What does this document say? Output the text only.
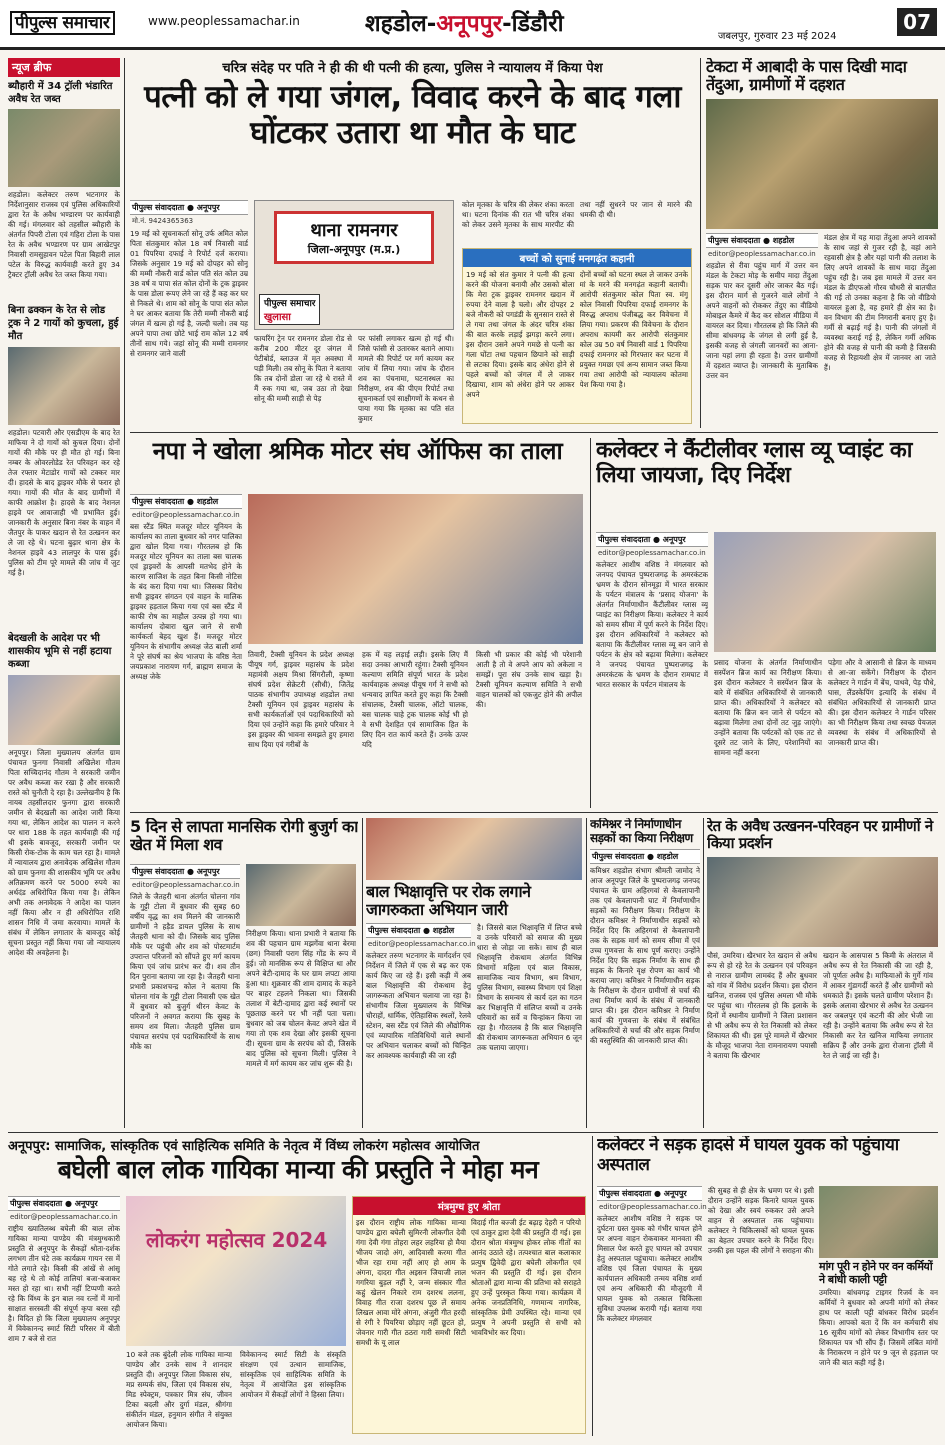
पीपुल्स समाचार	www.peoplessamachar.in	शहडोल-अनूपपुर-डिंडौरी	जबलपुर, गुरुवार 23 मई 2024
07
न्यूज ब्रीफ
ब्यौहारी में 34 ट्रॉली भंडारित अवैध रेत जब्त
शहडोल। कलेक्टर तरुण भटनागर के निर्देशानुसार राजस्व एवं पुलिस अधिकारियों द्वारा रेत के अवैध भण्डारण पर कार्यवाही की गई। मंगलवार को तहसील ब्यौहारी के अंतर्गत पिपरी टोला एवं गहिरा टोला के पास रेत के अवैध भण्डारण पर ग्राम आखेटपुर निवासी रामसुहावन पटेल पिता बिहारी लाल पटेल के विरुद्ध कार्यवाही करते हुए 34 ट्रैक्टर ट्रॉली अवैध रेत जब्त किया गया।
बिना ढक्कन के रेत से लोड ट्रक ने 2 गायों को कुचला, हुई मौत
शहडोल। पटवारी और एसडीएम के बाद रेत माफिया ने दो गायों को कुचल दिया। दोनों गायों की मौके पर ही मौत हो गई। बिना नम्बर के ओवरलोडेड रेत परिवहन कर रहे तेज रफ्तार मेटाडोर गायों को टक्कर मार दी। हादसे के बाद ड्राइवर मौके से फरार हो गया। गायों की मौत के बाद ग्रामीणों में काफी आक्रोश है। हादसे के बाद नेशनल हाइवे पर आवाजाही भी प्रभावित हुई। जानकारी के अनुसार बिना नंबर के वाहन में जैतपुर के पाकर खदान से रेत उत्खनन कर ले जा रहे थे। घटना बुढ़ार थाना क्षेत्र के नेशनल हाइवे 43 लालपुर के पास हुई। पुलिस को टीम पूरे मामले की जांच में जुट गई है।
बेदखली के आदेश पर भी शासकीय भूमि से नहीं हटाया कब्जा
अनूपपुर। जिला मुख्यालय अंतर्गत ग्राम पंचायत फुनगा निवासी अखिलेश गौतम पिता सच्चिदानंद गौतम ने सरकारी जमीन पर अवैध कब्जा कर रखा है और सरकारी रास्ते को चुनौती दे रहा है। उल्लेखनीय है कि नायब तहसीलदार फुनगा द्वारा सरकारी जमीन से बेदखली का आदेश जारी किया गया था, लेकिन आदेश का पालन न करने पर धारा 188 के तहत कार्यवाही की गई थी इसके बावजूद, सरकारी जमीन पर किसी रोक-टोक के काम चल रहा है। मामले में न्यायालय द्वारा अनावेदक अखिलेश गौतम को ग्राम फुनगा की शासकीय भूमि पर अवैध अतिक्रमण करने पर 5000 रुपये का अर्थदंड अधिरोपित किया गया है। लेकिन अभी तक अनावेदक ने आदेश का पालन नहीं किया और न ही अधिरोपित राशि शासन निधि में जमा करवाया। मामलें के संबंध में लेकिन लगातार के बावजूद कोई सूचना प्रस्तुत नहीं किया गया जो न्यायालय आदेश की अवहेलना है।
चरित्र संदेह पर पति ने ही की थी पत्नी की हत्या, पुलिस ने न्यायालय में किया पेश
पत्नी को ले गया जंगल, विवाद करने के बाद गला घोंटकर उतारा था मौत के घाट
पीपुल्स संवाददाता ● अनूपपुर
मो.नं. 9424365363
19 मई को सूचनाकर्ता सोनू उर्फ अमित कोल पिता संतकुमार कोल 18 वर्ष निवासी वार्ड 01 पिपरिया दफाई ने रिपोर्ट दर्ज कराया। जिसके अनुसार 19 मई को दोपहर को सोनू की मम्मी नौकरी वार्ड कोल पति संत कोल उम्र 38 वर्ष व पापा संत कोल दोनों के ट्रक ड्राइवर के पास डोला रूपए लेने जा रहे हैं कह कर घर से निकले थे। शाम को सोनू के पापा संत कोल ने घर आकर बताया कि तेरी मम्मी नौकरी बाई जंगल में खत्म हो गई है, जल्दी चलो। तब यह अपने पापा तथा छोटे भाई राम कोल 12 वर्ष तीनों साथ गये। जहां सोनू की मम्मी रामनगर से रामनगर जाने वाली
थाना रामनगर
जिला-अनूपपुर (म.प्र.)
पीपुल्स समाचार
खुलासा
फायरिंग ट्रेन पर रामनगर डोला रोड से करीब 200 मीटर दूर जंगल में पेटीबोर्ड, ब्लाउज में मृत अवस्था में पड़ी मिली। तब सोनू के पिता ने बताया कि तब दोनों डोला जा रहे थे रास्ते में मैं रुक गया था, जब उठा तो देखा सोनू की मम्मी साड़ी से पेड़
पर फांसी लगाकर खत्म हो गई थी। जिसे फांसी से उतारकर बताने आया। मामले की रिपोर्ट पर मर्ग कायम कर जांच में लिया गया। जांच के दौरान शव का पंचनामा, घटनास्थल का निरीक्षण, शव की पीएम रिपोर्ट तथा सूचनाकर्ता एवं साक्षीगणों के कथन से पाया गया कि मृतका का पति संत कुमार
कोल मृतका के चरित्र की लेकर शंका करता था। घटना दिनांक की रात भी चरित्र शंका को लेकर उसने मृतका के साथ मारपीट की तथा नहीं सुधरने पर जान से मारने की धमकी दी थी।
बच्चों को सुनाई मनगढ़ंत कहानी
19 मई को संत कुमार ने पत्नी की हत्या करने की योजना बनायी और उसको बोला कि मेरा ट्रक ड्राइवर रामनगर खदान में रुपया देने वाला है चलो। और दोपहर 2 बजे नौकरी को पगडंडी के सुनसान रास्ते से ले गया तथा जंगल के अंदर चरित्र शंका की बात करके लड़ाई झगड़ा करने लगा। इस दौरान उसने अपने गमछे से पत्नी का गला घोंटा तथा पहचान छिपाने को साड़ी से लटका दिया। इसके बाद अंधेरा होने से पहले बच्चों को जंगल में ले जाकर दिखाया, शाम को अंधेरा होने पर आकर अपने
दोनों बच्चों को घटना स्थल ले जाकर उनके मां के मरने की मनगढ़ंत कहानी बतायी। आरोपी संतकुमार कोल पिता स्व. मंगू कोल निवासी पिपरिया दफाई रामनगर के विरुद्ध अपराध पंजीबद्ध कर विवेचना में लिया गया। प्रकरण की विवेचना के दौरान अपराध कायमी कर आरोपी संतकुमार कोल उम्र 50 वर्ष निवासी वार्ड 1 पिपरिया दफाई रामनगर को गिरफ्तार कर घटना में प्रयुक्त गमछा एवं अन्य सामान जब्त किया गया तथा आरोपी को न्यायालय कोतमा पेश किया गया है।
टेकटा में आबादी के पास दिखी मादा तेंदुआ, ग्रामीणों में दहशत
पीपुल्स संवाददाता ● शहडोल
editor@peoplessamachar.co.in
शहडोल से रीवा पहुंच मार्ग में उत्तर वन मंडल के टेकटा मोड़ के समीप मादा तेंदुआ सड़क पार कर दूसरी ओर जाकर बैठ गई। इस दौरान मार्ग से गुजरने वाले लोगों ने अपने वाहनों को रोककर तेंदुए का वीडियो मोबाइल कैमरे में कैद कर सोशल मीडिया में वायरल कर दिया। गौरतलब हो कि जिले की सीमा बांधवगढ़ के जंगल से लगी हुई है, इसकी वजह से जंगली जानवरों का आना-जाना यहां लगा ही रहता है। उत्तर ग्रामीणों में दहशत व्याप्त है। जानकारी के मुताबिक उत्तर वन
मंडल क्षेत्र में यह मादा तेंदुआ अपने शावकों के साथ जहां से गुजर रही है, वहां आने रहवासी क्षेत्र है और यहां पानी की तलाश के लिए अपने शावकों के साथ मादा तेंदुआ पहुंच रही है। जब इस मामले में उत्तर वन मंडल के डीएफओ गौरव चौधरी से बातचीत की गई तो उनका कहना है कि जो वीडियो वायरल हुआ है, वह हमारे ही क्षेत्र का है। वन विभाग की टीम निगरानी बनाए हुए है। गर्मी से बढ़ाई गई है। पानी की जंगलों में व्यवस्था कराई गई है, लेकिन गर्मी अधिक होने की वजह से पानी की कमी है जिसकी वजह से रिहायशी क्षेत्र में जानवर आ जाते हैं।
नपा ने खोला श्रमिक मोटर संघ ऑफिस का ताला
पीपुल्स संवाददाता ● शहडोल
editor@peoplessamachar.co.in
बस स्टैंड स्थित मजदूर मोटर यूनियन के कार्यालय का ताला बुधवार को नगर पालिका द्वारा खोल दिया गया। गौरतलब हो कि मजदूर मोटर यूनियन का ताला बस चालक एवं ड्राइवरों के आपसी मतभेद होने के कारण साजिश के तहत बिना किसी नोटिस के बंद करा दिया गया था। जिसका विरोध सभी ड्राइवर संगठन एवं वाहन के मालिक ड्राइवर हड़ताल किया गया एवं बस स्टैंड में काफी रोष का माहौल उत्पन्न हो गया था। कार्यालय दोबारा खुल जाने से सभी कार्यकर्ता बेहद खुश हैं। मजदूर मोटर यूनियन के संभागीय अध्यक्ष जेठ बाली शर्मा ने पूरे संघर्ष का श्रेय भाजपा के वरिष्ठ नेता जयप्रकाश नारायण गर्ग, ब्राह्मण समाज के अध्यक्ष जेके
तिवारी, टैक्सी यूनियन के प्रदेश अध्यक्ष पीयूष गर्ग, ड्राइवर महासंघ के प्रदेश महामंत्री अक्षय मिश्रा सिंगरौली, कृष्णा संघर्ष प्रदेश सेक्रेटरी (सीधी), जितेंद्र पाठक संभागीय उपाध्यक्ष शहडोल तथा टैक्सी यूनियन एवं ड्राइवर महासंघ के सभी कार्यकर्ताओं एवं पदाधिकारियों को दिया एवं उन्होंने कहा कि हमारे परिवार ने इस ड्राइवर की भावना समझते हुए हमारा साथ दिया एवं गरीबों के
हक में यह लड़ाई लड़ी। इसके लिए मैं सदा उनका आभारी रहूंगा। टैक्सी यूनियन कल्याण समिति संपूर्ण भारत के प्रदेश कार्यवाहक अध्यक्ष पीयूष गर्ग ने सभी को धन्यवाद ज्ञापित करते हुए कहा कि टैक्सी संचालक, टैक्सी चालक, ऑटो चालक, बस चालक चाहे ट्रक चालक कोई भी हो वे सभी देशहित एवं सामाजिक हित के लिए दिन रात कार्य करते हैं। उनके ऊपर यदि
किसी भी प्रकार की कोई भी परेशानी आती है तो वे अपने आप को अकेला न समझें। पूरा संघ उनके साथ खड़ा है। टैक्सी यूनियन कल्याण समिति ने सभी वाहन चालकों को एकजुट होने की अपील की।
कलेक्टर ने कैंटीलीवर ग्लास व्यू प्वाइंट का लिया जायजा, दिए निर्देश
पीपुल्स संवाददाता ● अनूपपुर
editor@peoplessamachar.co.in
कलेक्टर आशीष वशिष्ठ ने मंगलवार को जनपद पंचायत पुष्पराजगढ़ के अमरकंटक भ्रमण के दौरान सोनमूड़ा में भारत सरकार के पर्यटन मंत्रालय के 'प्रसाद योजना' के अंतर्गत निर्माणाधीन कैंटीलीवर ग्लास व्यू प्वाइंट का निरीक्षण किया। कलेक्टर ने कार्य को समय सीमा में पूर्ण करने के निर्देश दिए। इस दौरान अधिकारियों ने कलेक्टर को बताया कि कैंटीलीवर ग्लास व्यू बन जाने से पर्यटन के क्षेत्र को बढ़ावा मिलेगा। कलेक्टर ने जनपद पंचायत पुष्पराजगढ़ के अमरकंटक के भ्रमण के दौरान रामघाट में भारत सरकार के पर्यटन मंत्रालय के
प्रसाद योजना के अंतर्गत निर्माणाधीन सस्पेंशन ब्रिज कार्य का निरीक्षण किया। इस दौरान कलेक्टर ने सस्पेंशन ब्रिज के बारे में संबंधित अधिकारियों से जानकारी प्राप्त की। अधिकारियों ने कलेक्टर को बताया कि ब्रिज बन जाने से पर्यटन को बढ़ावा मिलेगा तथा दोनों तट जुड़ जाएंगे। उन्होंने बताया कि पर्यटकों को एक तट से दूसरे तट जाने के लिए, परेशानियों का सामना नहीं करना
पड़ेगा और वे आसानी से ब्रिज के माध्यम से आ-जा सकेंगे। निरीक्षण के दौरान कलेक्टर ने गार्डन में बेंच, पाथवे, पेड़ पौधे, घास, लैंडस्केपिंग इत्यादि के संबंध में संबंधित अधिकारियों से जानकारी प्राप्त की। इस दौरान कलेक्टर ने गार्डन परिसर का भी निरीक्षण किया तथा स्वच्छ पेयजल व्यवस्था के संबंध में अधिकारियों से जानकारी प्राप्त की।
5 दिन से लापता मानसिक रोगी बुजुर्ग का खेत में मिला शव
पीपुल्स संवाददाता ● अनूपपुर
editor@peoplessamachar.co.in
जिले के जैतहरी थाना अंतर्गत चोलना गांव के गुट्टी टोला में बुधवार की सुबह 60 वर्षीय वृद्ध का शव मिलने की जानकारी ग्रामीणों ने हड़ैड डायल पुलिस के साथ जैतहरी थाना को दी। जिसके बाद पुलिस मौके पर पहुंची और शव को पोस्टमार्टम उपरान्त परिजनों को सौंपते हुए मर्ग कायम किया एवं जांच प्रारंभ कर दी। शव तीन दिन पुराना बताया जा रहा है। जैतहरी थाना प्रभारी प्रकाशचन्द्र कोल ने बताया कि चोलना गांव के गुट्टी टोला निवासी एक खेत में बुधवार को बुजुर्ग थीरन केवट के परिजनों ने अवगत कराया कि सुबह के समय शव मिला। जैतहरी पुलिस ग्राम पंचायत सरपंच एवं पदाधिकारियों के साथ मौके का
निरीक्षण किया। थाना प्रभारी ने बताया कि शव की पहचान ग्राम मझगेंवा थाना बेरमा (छग) निवासी पराग सिंह गोंड के रूप में हुई। जो मानसिक रूप से विक्षिप्त था और अपने बेटी-दामाद के घर ग्राम लपटा आया हुआ था। शुक्रवार की शाम दामाद के कहने पर बाहर टहलने निकला था। जिसकी तलाश में बेटी-दामाद द्वारा कई स्थानों पर पूछताछ करने पर भी नहीं पता चला। बुधवार को जब चोलन केवट अपने खेत में गया तो एक शव देखा और इसकी सूचना दी। सूचना ग्राम के सरपंच को दी, जिसके बाद पुलिस को सूचना मिली। पुलिस ने मामले में मर्ग कायम कर जांच शुरू की है।
बाल भिक्षावृत्ति पर रोक लगाने जागरुकता अभियान जारी
पीपुल्स संवाददाता ● शहडोल
editor@peoplessamachar.co.in
कलेक्टर तरुण भटनागर के मार्गदर्शन एवं निर्देशन में जिले में एक से बढ़ कर एक कार्य किए जा रहे हैं। इसी कड़ी में अब बाल भिक्षावृत्ति की रोकथाम हेतु जागरूकता अभियान चलाया जा रहा है। संभागीय जिला मुख्यालय के विभिन्न चौराहों, धार्मिक, ऐतिहासिक स्थलों, रेलवे स्टेशन, बस स्टैंड एवं जिले की औद्योगिक एवं व्यापारिक गतिविधियों वाले स्थानों पर अभियान चलाकर बच्चों को चिन्हित कर आवश्यक कार्यवाही की जा रही
है। जिससे बाल भिक्षावृत्ति में लिप्त बच्चे व उनके परिवारों को समाज की मुख्य धारा से जोड़ा जा सके। साथ ही बाल भिक्षावृत्ति रोकथाम अंतर्गत विभिन्न विभागों महिला एवं बाल विकास, सामाजिक न्याय विभाग, श्रम विभाग, पुलिस विभाग, स्वास्थ्य विभाग एवं शिक्षा विभाग के समन्वय से कार्य दल का गठन कर भिक्षावृत्ति में संलिप्त बच्चों व उनके परिवारों का सर्वे व चिन्हांकन किया जा रहा है। गौरतलब है कि बाल भिक्षावृत्ति की रोकथाम जागरूकता अभियान 6 जून तक चलाया जाएगा।
कमिश्नर ने निर्माणाधीन सड़कों का किया निरीक्षण
पीपुल्स संवाददाता ● शहडोल
कमिश्नर शहडोल संभाग श्रीमती जामोद ने आज अनूपपुर जिले के पुष्पराजगढ़ जनपद पंचायत के ग्राम अहिरगवां से केवलापानी तक एवं केवलापानी घाट में निर्माणाधीन सड़कों का निरीक्षण किया। निरीक्षण के दौरान कमिश्नर ने निर्माणाधीन सड़कों को निर्देश दिए कि अहिरगवां से केवलापानी तक के सड़क मार्ग को समय सीमा में एवं उच्च गुणवत्ता के साथ पूर्ण कराए। उन्होंने निर्देश दिए कि सड़क निर्माण के साथ ही सड़क के किनारे वृक्ष रोपण का कार्य भी कराया जाए। कमिश्नर ने निर्माणाधीन सड़क के निरीक्षण के दौरान ग्रामीणों से चर्चा की तथा निर्माण कार्य के संबंध में जानकारी प्राप्त की। इस दौरान कमिश्नर ने निर्माण कार्य की गुणवत्ता के संबंध में संबंधित अधिकारियों से चर्चा की और सड़क निर्माण की वस्तुस्थिति की जानकारी प्राप्त की।
रेत के अवैध उत्खनन-परिवहन पर ग्रामीणों ने किया प्रदर्शन
पौसं, उमरिया। खैरभार रेत खदान से अवैध रूप से हो रहे रेत के उत्खनन एवं परिवहन से नाराज ग्रामीण लामबंद हैं और बुधवार को गांव में विरोध प्रदर्शन किया। इस दौरान खनिज, राजस्व एवं पुलिस अमला भी मौके पर पहुंचा था। गौरतलब हो कि इलाके के दिनों में स्थानीय ग्रामीणों ने जिला प्रशासन से भी अवैध रूप से रेत निकासी को लेकर शिकायत की थी। इस पूरे मामले में खैरभार के मौजूद भाजपा नेता रामनारायण पयासी ने बताया कि खैरभार
खदान के आसपास 5 किमी के अंतराल में अवैध रूप से रेत निकासी की जा रही है, जो पूर्णतः अवैध है। माफियाओं के गुर्गे गांव में आकर गुंडागर्दी करते हैं और ग्रामीणों को धमकाते हैं। इसके चलते ग्रामीण परेशान हैं। इसके अलावा खैरभार से अवैध रेत उत्खनन कर जबलपुर एवं कटनी की ओर भेजी जा रही है। उन्होंने बताया कि अवैध रूप से रेत निकासी कर रेत खनिज माफिया लगातार सक्रिय हैं और उनके द्वारा रोजाना ट्रॉली में रेत ले जाई जा रही है।
अनूपपुर: सामाजिक, सांस्कृतिक एवं साहित्यिक समिति के नेतृत्व में विंध्य लोकरंग महोत्सव आयोजित
बघेली बाल लोक गायिका मान्या की प्रस्तुति ने मोहा मन
पीपुल्स संवाददाता ● अनूपपुर
editor@peoplessamachar.co.in
राष्ट्रीय ख्यातिलब्ध बघेली की बाल लोक गायिका मान्या पाण्डेय की मंत्रमुग्धकारी प्रस्तुति से अनूपपुर के सैकड़ों श्रोता-दर्शक लगभग तीन घंटे तक कार्यक्रम गायन रस में गोते लगाते रहे। किसी की आंखें से आंसू बह रहे थे तो कोई तालियां बजा-बजाकर मस्त हो रहा था। सभी नहीं टिप्पणी करते रहे कि विंध्य के इन बाल नव रत्नों में मानों साक्षात सरस्वती की संपूर्ण कृपा बरस रही है। विदित हो कि जिला मुख्यालय अनूपपुर में विवेकानन्द स्मार्ट सिटी परिसर में बीती शाम 7 बजे से रात
लोकरंग महोत्सव 2024
10 बजे तक बुंदेली लोक गायिका मान्या पाण्डेय और उनके साथ ने शानदार प्रस्तुति दी। अनूपपुर जिला विकास संघ, मप्र सम्पर्क संघ, जिला एवं विकास संघ, मिड स्पेक्ट्रम, पत्रकार मित्र संघ, जीवन टिका बदली और दुर्गा मंडल, श्रीगंगा संकीर्तन मंडल, हनुमान संगीत ने संयुक्त आयोजन किया।
विवेकानन्द स्मार्ट सिटी के संस्कृति संरक्षण एवं उत्थान सामाजिक, सांस्कृतिक एवं साहित्यिक समिति के नेतृत्व में आयोजित इस सांस्कृतिक आयोजन में सैकड़ों लोगों ने हिस्सा लिया।
मंत्रमुग्ध हुए श्रोता
इस दौरान राष्ट्रीय लोक गायिका मान्या पाण्डेय द्वारा बघेली सुमिरनी लोकगीत देवी गंगा देवी गंगा तोहरा लहर लहरिया हो मैया भीजय जादो अंग, आदिवासी करमा गीत भीज रहा रामा नहीं आए हो आम के अंगना, दादरा गीत अइसन जियाजी लाल गगरिया बुड़ल नहीं रे, जन्म संस्कार गीत कहुं खेलन निकारे राम दशरथ ललना, विवाह गीत राजा दशरथ पूछ लें समाय लिखल आवा मोरे अंगना, अंजुरी गीत हरदी से रंगी रे पियरिया छोड़ाए नहीं छूटत हो, जेवनार गारी गीत ठठरा गारी समधी सिटी समधी के यू लाल
विदाई गीत बज्जी ईट बढ़ाइ देहरी न परियो एवं ठाकुर द्वारा देवी की प्रस्तुति दी गई। इस दौरान श्रोता मंत्रमुग्ध होकर लोक गीतों का आनंद उठाते रहे। तत्पश्चात बाल कलाकार प्रत्युष द्विवेदी द्वारा बघेली लोकगीत एवं भजन की प्रस्तुति दी गई। इस दौरान श्रोताओं द्वारा मान्या की प्रतिभा को सराहते हुए उन्हें पुरस्कृत किया गया। कार्यक्रम में अनेक जनप्रतिनिधि, गणमान्य नागरिक, सांस्कृतिक प्रेमी उपस्थित रहे। मान्या एवं प्रत्युष ने अपनी प्रस्तुति से सभी को भावविभोर कर दिया।
कलेक्टर ने सड़क हादसे में घायल युवक को पहुंचाया अस्पताल
पीपुल्स संवाददाता ● अनूपपुर
editor@peoplessamachar.co.in
कलेक्टर आशीष वशिष्ठ ने सड़क पर दुर्घटना ग्रस्त युवक को गंभीर घायल होने पर अपना वाहन रोकवाकर मानवता की मिसाल पेश करते हुए घायल को उपचार हेतु अस्पताल पहुंचाया। कलेक्टर आशीष वशिष्ठ एवं जिला पंचायत के मुख्य कार्यपालन अधिकारी तन्मय वशिष्ठ शर्मा एवं अन्य अधिकारी की मौजूदगी में घायल युवक को तत्काल चिकित्सा सुविधा उपलब्ध करायी गई। बताया गया कि कलेक्टर मंगलवार
की सुबह से ही क्षेत्र के भ्रमण पर थे। इसी दौरान उन्होंने सड़क किनारे घायल युवक को देखा और स्वयं रुककर उसे अपने वाहन से अस्पताल तक पहुंचाया। कलेक्टर ने चिकित्सकों को घायल युवक का बेहतर उपचार करने के निर्देश दिए। उनकी इस पहल की लोगों ने सराहना की।
मांग पूरी न होने पर वन कर्मियों ने बांधी काली पट्टी
उमरिया। बांधवगढ़ टाइगर रिजर्व के वन कर्मियों ने बुधवार को अपनी मांगों को लेकर हाथ पर काली पट्टी बांधकर विरोध प्रदर्शन किया। आपको बता दें कि वन कर्मचारी संघ 16 सूत्रीय मांगों को लेकर विभागीय स्तर पर शिकायत पत्र भी सौंप हैं। जिसमें लंबित मांगों के निराकरण न होने पर 9 जून से हड़ताल पर जाने की बात कही गई है।
